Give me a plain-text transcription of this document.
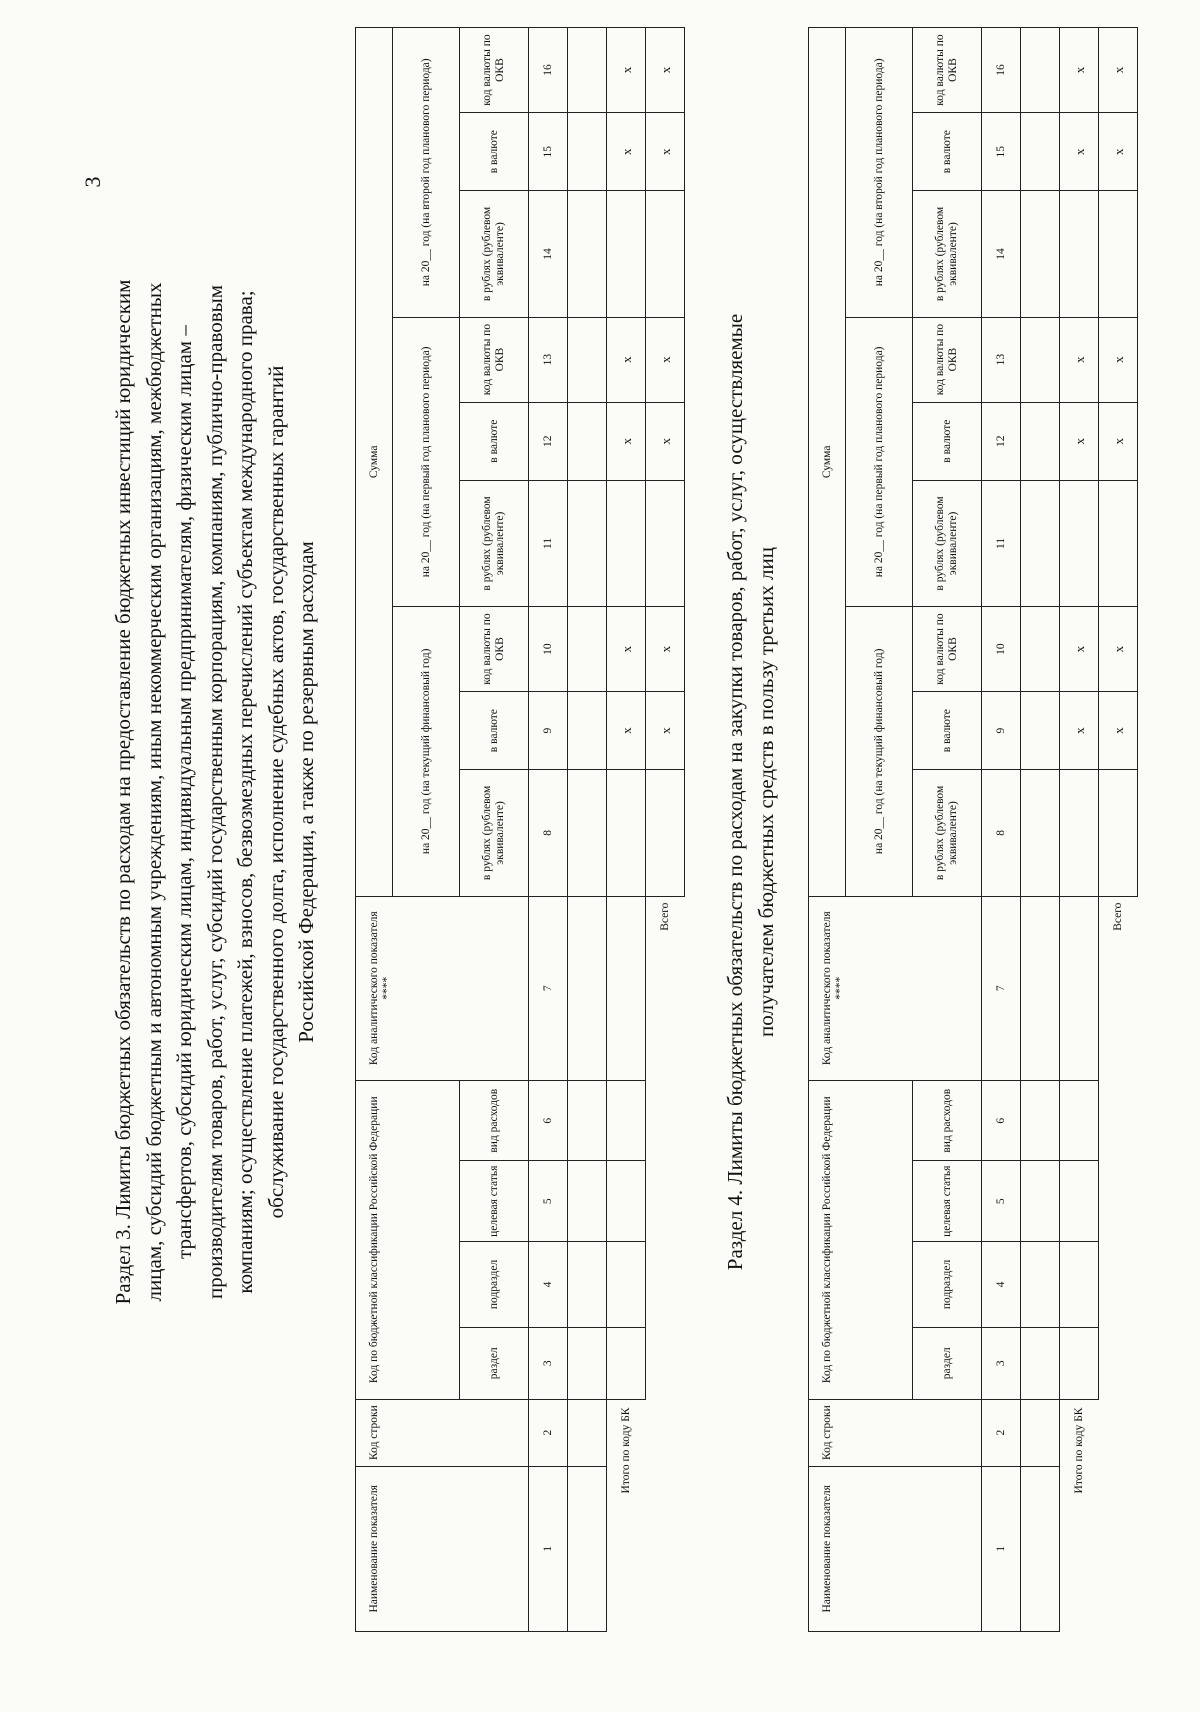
3
Раздел 3. Лимиты бюджетных обязательств по расходам на предоставление бюджетных инвестиций юридическим лицам, субсидий бюджетным и автономным учреждениям, иным некоммерческим организациям, межбюджетных трансфертов, субсидий юридическим лицам, индивидуальным предпринимателям, физическим лицам – производителям товаров, работ, услуг, субсидий государственным корпорациям, компаниям, публично-правовым компаниям; осуществление платежей, взносов, безвозмездных перечислений субъектам международного права; обслуживание государственного долга, исполнение судебных актов, государственных гарантий Российской Федерации, а также по резервным расходам
Наименование показателя	Код строки	Код по бюджетной классификации Российской Федерации				Код аналитического показателя ****	Сумма								
							на 20__ год (на текущий финансовый год)			на 20__ год (на первый год планового периода)			на 20__ год (на второй год планового периода)		
		раздел	подраздел	целевая статья	вид расходов		в рублях (рублевом эквиваленте)	в валюте	код валюты по ОКВ	в рублях (рублевом эквиваленте)	в валюте	код валюты по ОКВ	в рублях (рублевом эквиваленте)	в валюте	код валюты по ОКВ
1	2	3	4	5	6	7	8	9	10	11	12	13	14	15	16

Итого по коду БК								х	х		х	х		х	х
Всего								х	х		х	х		х	х
Раздел 4. Лимиты бюджетных обязательств по расходам на закупки товаров, работ, услуг, осуществляемые получателем бюджетных средств в пользу третьих лиц
Наименование показателя	Код строки	Код по бюджетной классификации Российской Федерации				Код аналитического показателя ****	Сумма								
							на 20__ год (на текущий финансовый год)			на 20__ год (на первый год планового периода)			на 20__ год (на второй год планового периода)		
		раздел	подраздел	целевая статья	вид расходов		в рублях (рублевом эквиваленте)	в валюте	код валюты по ОКВ	в рублях (рублевом эквиваленте)	в валюте	код валюты по ОКВ	в рублях (рублевом эквиваленте)	в валюте	код валюты по ОКВ
1	2	3	4	5	6	7	8	9	10	11	12	13	14	15	16

Итого по коду БК								х	х		х	х		х	х
Всего								х	х		х	х		х	х
